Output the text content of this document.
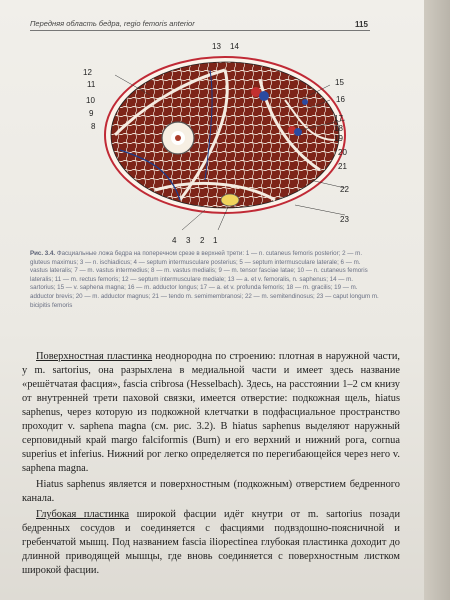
Передняя область бедра, regio femoris anterior	115
13 14
12
11
10
9
8
15
16
17
18
19
20
21
22
23
4 3 2 1
Рис. 3.4. Фасциальные ложа бедра на поперечном срезе в верхней трети: 1 — n. cutaneus femoris posterior; 2 — m. gluteus maximus; 3 — n. ischiadicus; 4 — septum intermusculare posterius; 5 — septum intermusculare laterale; 6 — m. vastus lateralis; 7 — m. vastus intermedius; 8 — m. vastus medialis; 9 — m. tensor fasciae latae; 10 — n. cutaneus femoris lateralis; 11 — m. rectus femoris; 12 — septum intermusculare mediale; 13 — a. et v. femoralis, n. saphenus; 14 — m. sartorius; 15 — v. saphena magna; 16 — m. adductor longus; 17 — a. et v. profunda femoris; 18 — m. gracilis; 19 — m. adductor brevis; 20 — m. adductor magnus; 21 — tendo m. semimembranosi; 22 — m. semitendinosus; 23 — caput longum m. bicipitis femoris

Поверхностная пластинка неоднородна по строению: плотная в наружной части, у m. sartorius, она разрыхлена в медиальной части и имеет здесь название «решётчатая фасция», fascia cribrosa (Hesselbach). Здесь, на расстоянии 1–2 см книзу от внутренней трети паховой связки, имеется отверстие: подкожная щель, hiatus saphenus, через которую из подкожной клетчатки в подфасциальное пространство проходит v. saphena magna (см. рис. 3.2). В hiatus saphenus выделяют наружный серповидный край margo falciformis (Burn) и его верхний и нижний рога, cornua superius et inferius. Нижний рог легко определяется по перегибающейся через него v. saphena magna.

Hiatus saphenus является и поверхностным (подкожным) отверстием бедренного канала.

Глубокая пластинка широкой фасции идёт кнутри от m. sartorius позади бедренных сосудов и соединяется с фасциями подвздошно-поясничной и гребенчатой мышц. Под названием fascia iliopectinea глубокая пластинка доходит до длинной приводящей мышцы, где вновь соединяется с поверхностным листком широкой фасции.
